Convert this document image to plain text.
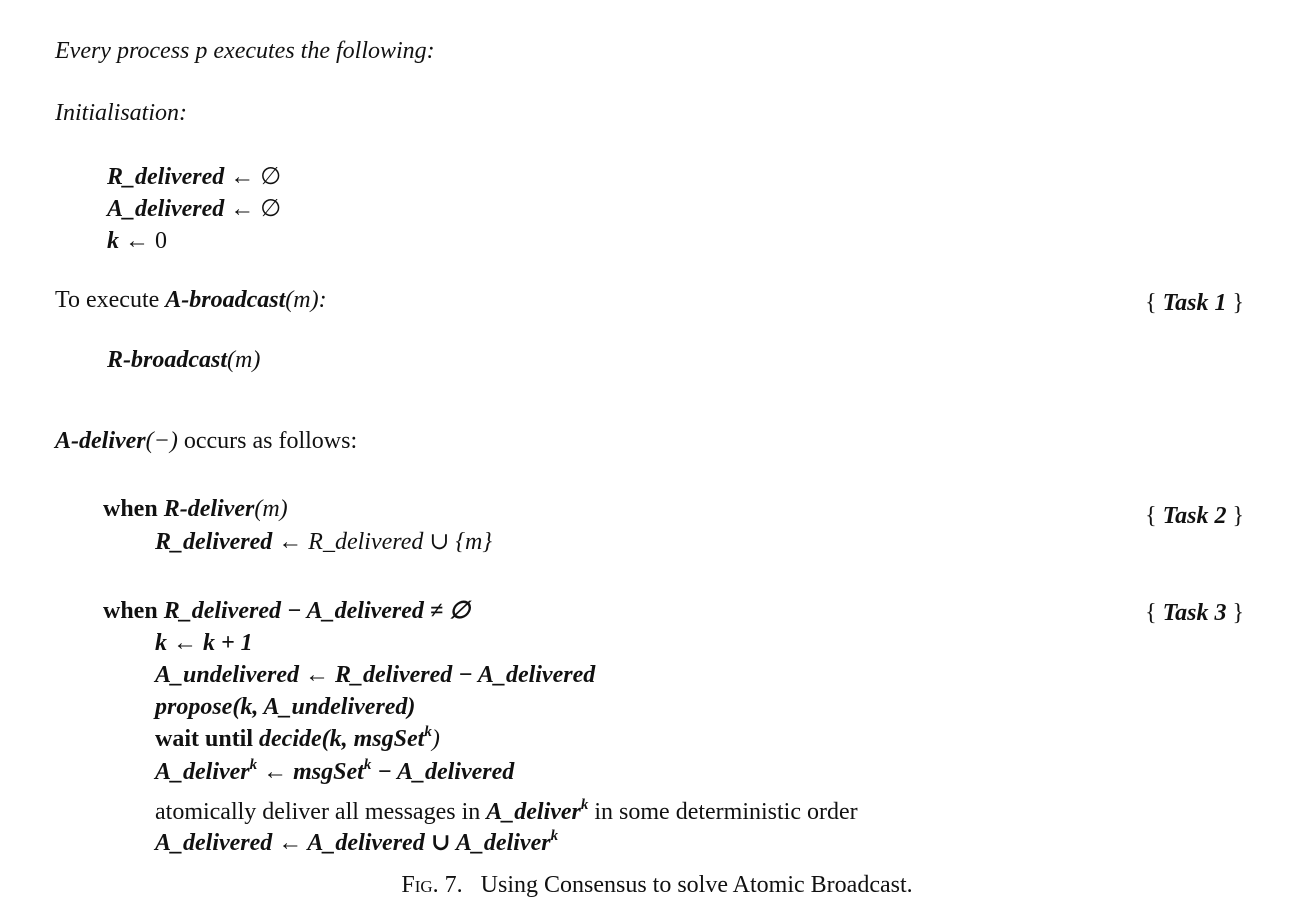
Every process p executes the following:
Initialisation:
R_delivered ← ∅
A_delivered ← ∅
k ← 0
To execute A-broadcast(m):	{ Task 1 }
R-broadcast(m)
A-deliver(−) occurs as follows:
when R-deliver(m)	{ Task 2 }
R_delivered ← R_delivered ∪ {m}
when R_delivered − A_delivered ≠ ∅	{ Task 3 }
k ← k + 1
A_undelivered ← R_delivered − A_delivered
propose(k, A_undelivered)
wait until decide(k, msgSet$^k$)
A_deliver$^k$ ← msgSet$^k$ − A_delivered
atomically deliver all messages in A_deliver$^k$ in some deterministic order
A_delivered ← A_delivered ∪ A_deliver$^k$
Fig. 7. Using Consensus to solve Atomic Broadcast.
